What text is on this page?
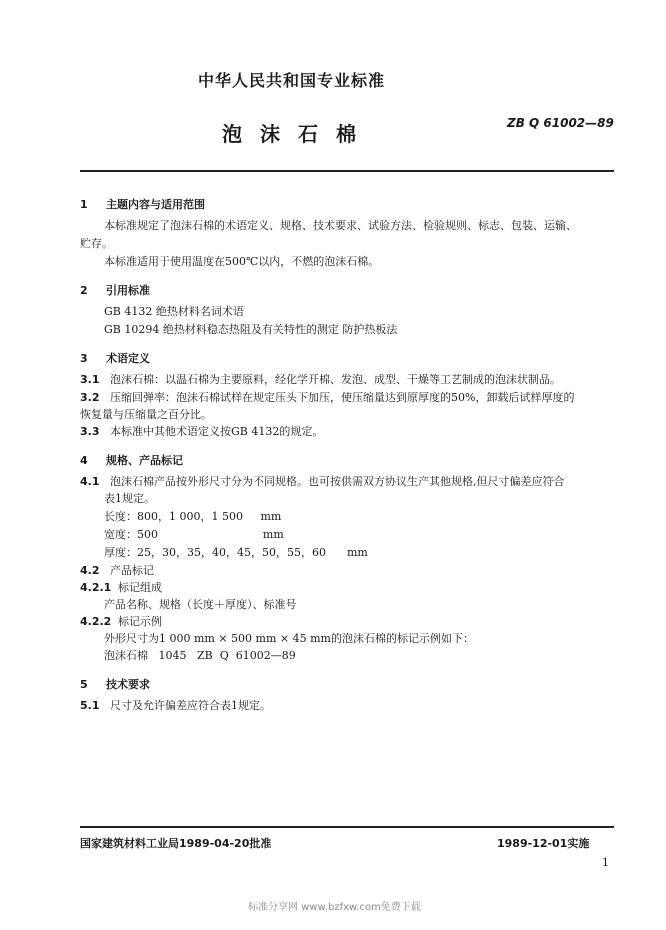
中华人民共和国专业标准
泡沫石棉	ZB Q 61002—89
1 主题内容与适用范围
本标准规定了泡沫石棉的术语定义、规格、技术要求、试验方法、检验规则、标志、包装、运输、
贮存。
本标准适用于使用温度在500℃以内，不燃的泡沫石棉。
2 引用标准
GB 4132 绝热材料名词术语
GB 10294 绝热材料稳态热阻及有关特性的测定 防护热板法
3 术语定义
3.1 泡沫石棉：以温石棉为主要原料，经化学开棉、发泡、成型、干燥等工艺制成的泡沫状制品。
3.2 压缩回弹率：泡沫石棉试样在规定压头下加压，使压缩量达到原厚度的50%，卸载后试样厚度的
恢复量与压缩量之百分比。
3.3 本标准中其他术语定义按GB 4132的规定。
4 规格、产品标记
4.1 泡沫石棉产品按外形尺寸分为不同规格。也可按供需双方协议生产其他规格,但尺寸偏差应符合
表1规定。
长度：800，1 000，1 500     mm
宽度：500                              mm
厚度：25，30，35，40，45，50，55，60      mm
4.2 产品标记
4.2.1 标记组成
产品名称、规格（长度＋厚度）、标准号
4.2.2 标记示例
外形尺寸为1 000 mm × 500 mm × 45 mm的泡沫石棉的标记示例如下：
泡沫石棉   1045   ZB  Q  61002—89
5 技术要求
5.1 尺寸及允许偏差应符合表1规定。
国家建筑材料工业局1989-04-20批准	1989-12-01实施
1
标准分享网 www.bzfxw.com免费下载
